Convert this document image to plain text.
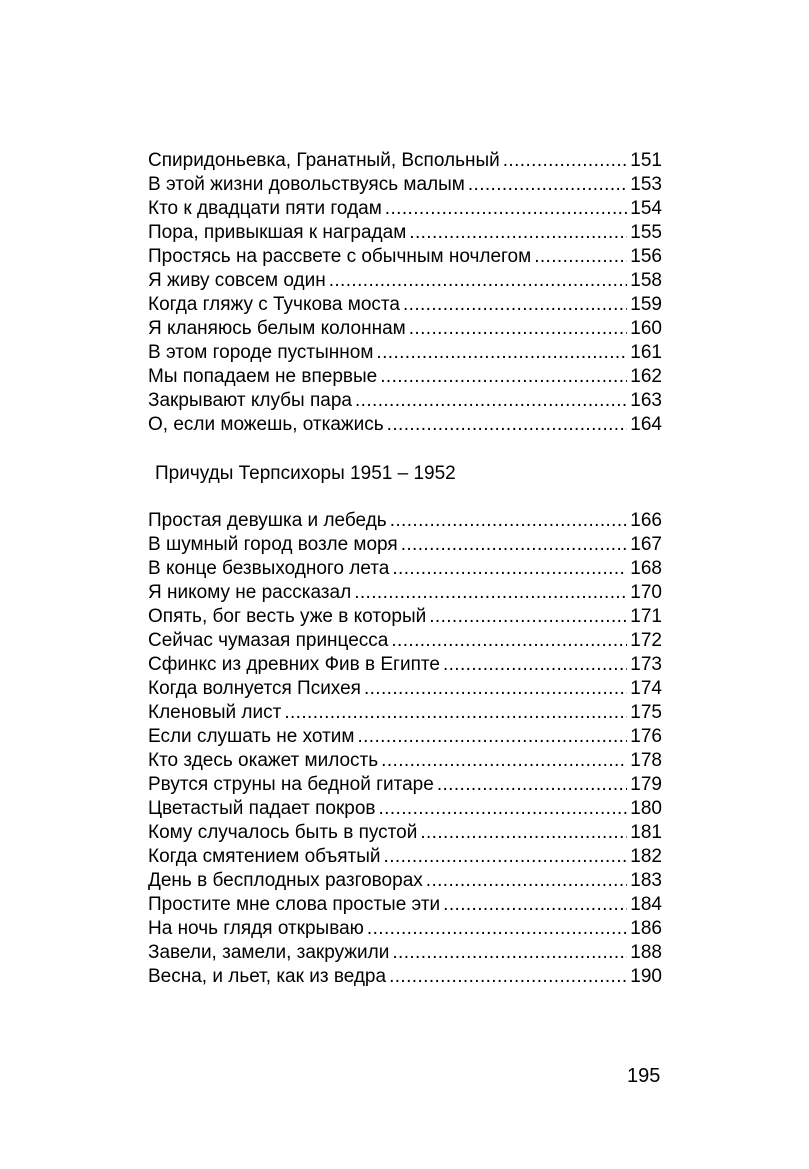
Спиридоньевка, Гранатный, Вспольный .....	151
В этой жизни довольствуясь малым .....	153
Кто к двадцати пяти годам .....	154
Пора, привыкшая к наградам .....	155
Простясь на рассвете с обычным ночлегом .....	156
Я живу совсем один .....	158
Когда гляжу с Тучкова моста .....	159
Я кланяюсь белым колоннам .....	160
В этом городе пустынном .....	161
Мы попадаем не впервые .....	162
Закрывают клубы пара .....	163
О, если можешь, откажись .....	164
Причуды Терпсихоры 1951 – 1952
Простая девушка и лебедь .....	166
В шумный город возле моря .....	167
В конце безвыходного лета .....	168
Я никому не рассказал .....	170
Опять, бог весть уже в который .....	171
Сейчас чумазая принцесса .....	172
Сфинкс из древних Фив в Египте .....	173
Когда волнуется Психея .....	174
Кленовый лист .....	175
Если слушать не хотим .....	176
Кто здесь окажет милость .....	178
Рвутся струны на бедной гитаре .....	179
Цветастый падает покров .....	180
Кому случалось быть в пустой .....	181
Когда смятением объятый .....	182
День в бесплодных разговорах .....	183
Простите мне слова простые эти .....	184
На ночь глядя открываю .....	186
Завели, замели, закружили .....	188
Весна, и льет, как из ведра .....	190
195
